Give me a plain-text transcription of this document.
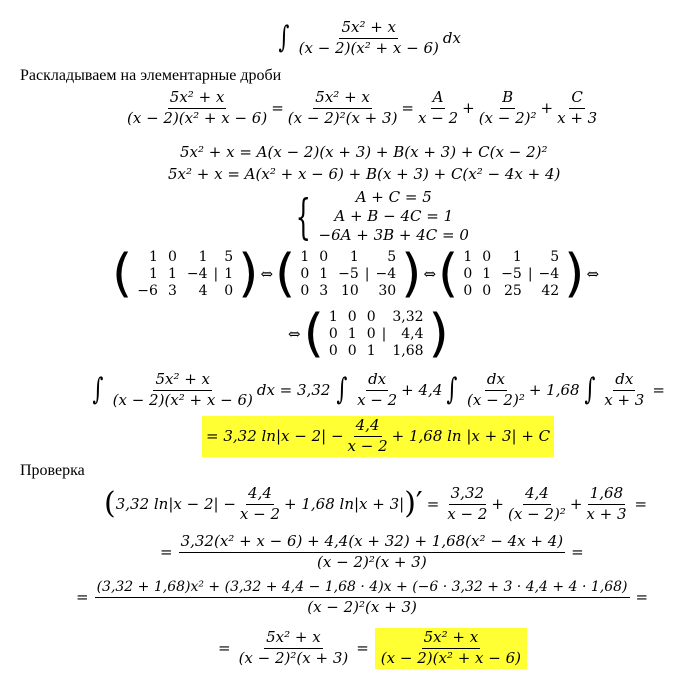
∫ $\frac{\text{5x² + x}}{\text{(x − 2)(x² + x − 6)}}$ dx
Раскладываем на элементарные дроби
$\frac{\text{5x² + x}}{\text{(x − 2)(x² + x − 6)}} = \frac{\text{5x² + x}}{\text{(x − 2)²(x + 3)}} = \frac{A}{x - 2} + \frac{B}{\text{(x − 2)²}} + \frac{C}{x + 3}$
5x² + x = A(x − 2)(x + 3) + B(x + 3) + C(x − 2)²
5x² + x = A(x² + x − 6) + B(x + 3) + C(x² − 4x + 4)
{	A + C = 5
A + B − 4C = 1
−6A + 3B + 4C = 0
( 1	0	1		5
1	1	−4	|	1
−6	3	4		0 ) ⇔ ( 1	0	1		5
0	1	−5	|	−4
0	3	10		30 ) ⇔ ( 1	0	1		5
0	1	−5	|	−4
0	0	25		42 ) ⇔
⇔ ( 1	0	0		3,32
0	1	0	|	4,4
0	0	1		1,68 )
∫ $\frac{\text{5x² + x}}{\text{(x − 2)(x² + x − 6)}}$ dx = 3,32 ∫ $\frac{dx}{x - 2} + 4,4$ ∫ $\frac{dx}{\text{(x − 2)²}} + 1,68$ ∫ $\frac{dx}{x + 3}$ =
= 3,32 $\ln|x - 2| - \frac{4,4}{x - 2} + 1,68$ ln |x + 3| + C
Проверка
( 3,32 $\ln|x - 2| - \frac{4,4}{x - 2} + 1,68$ ln|x + 3| )′ = $\frac{3,32}{x - 2} + \frac{4,4}{\text{(x − 2)²}} + \frac{1,68}{x + 3}$ =
= $\frac{\text{3,32(x² + x − 6) + 4,4(x + 32) + 1,68(x² − 4x + 4)}}{\text{(x − 2)²(x + 3)}}$ =
=
(3,32 + 1,68)x² + (3,32 + 4,4 − 1,68 · 4)x + (−6 · 3,32 + 3 · 4,4 + 4 · 1,68)
(x − 2)²(x + 3)
=
= $\frac{\text{5x² + x}}{\text{(x − 2)²(x + 3)}} = \frac{\text{5x² + x}}{\text{(x − 2)(x² + x − 6)}}$
